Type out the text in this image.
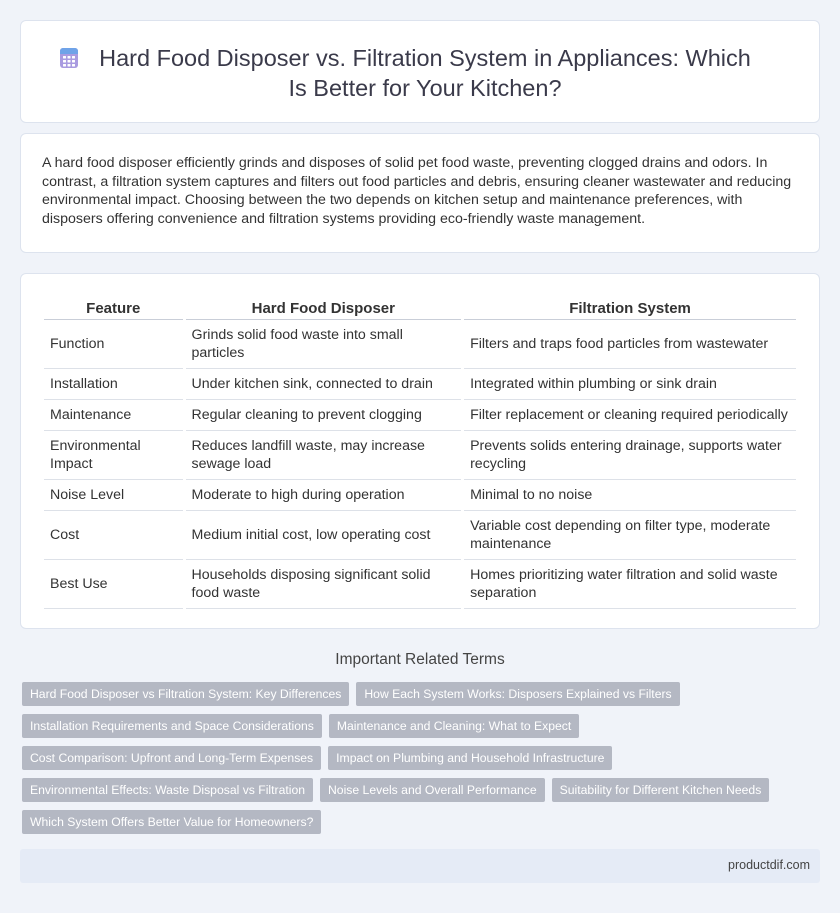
Hard Food Disposer vs. Filtration System in Appliances: Which Is Better for Your Kitchen?

A hard food disposer efficiently grinds and disposes of solid pet food waste, preventing clogged drains and odors. In contrast, a filtration system captures and filters out food particles and debris, ensuring cleaner wastewater and reducing environmental impact. Choosing between the two depends on kitchen setup and maintenance preferences, with disposers offering convenience and filtration systems providing eco-friendly waste management.

Feature	Hard Food Disposer	Filtration System
Function	Grinds solid food waste into small particles	Filters and traps food particles from wastewater
Installation	Under kitchen sink, connected to drain	Integrated within plumbing or sink drain
Maintenance	Regular cleaning to prevent clogging	Filter replacement or cleaning required periodically
Environmental Impact	Reduces landfill waste, may increase sewage load	Prevents solids entering drainage, supports water recycling
Noise Level	Moderate to high during operation	Minimal to no noise
Cost	Medium initial cost, low operating cost	Variable cost depending on filter type, moderate maintenance
Best Use	Households disposing significant solid food waste	Homes prioritizing water filtration and solid waste separation
Important Related Terms
Hard Food Disposer vs Filtration System: Key Differences	How Each System Works: Disposers Explained vs Filters
Installation Requirements and Space Considerations	Maintenance and Cleaning: What to Expect
Cost Comparison: Upfront and Long-Term Expenses	Impact on Plumbing and Household Infrastructure
Environmental Effects: Waste Disposal vs Filtration	Noise Levels and Overall Performance	Suitability for Different Kitchen Needs
Which System Offers Better Value for Homeowners?
productdif.com
